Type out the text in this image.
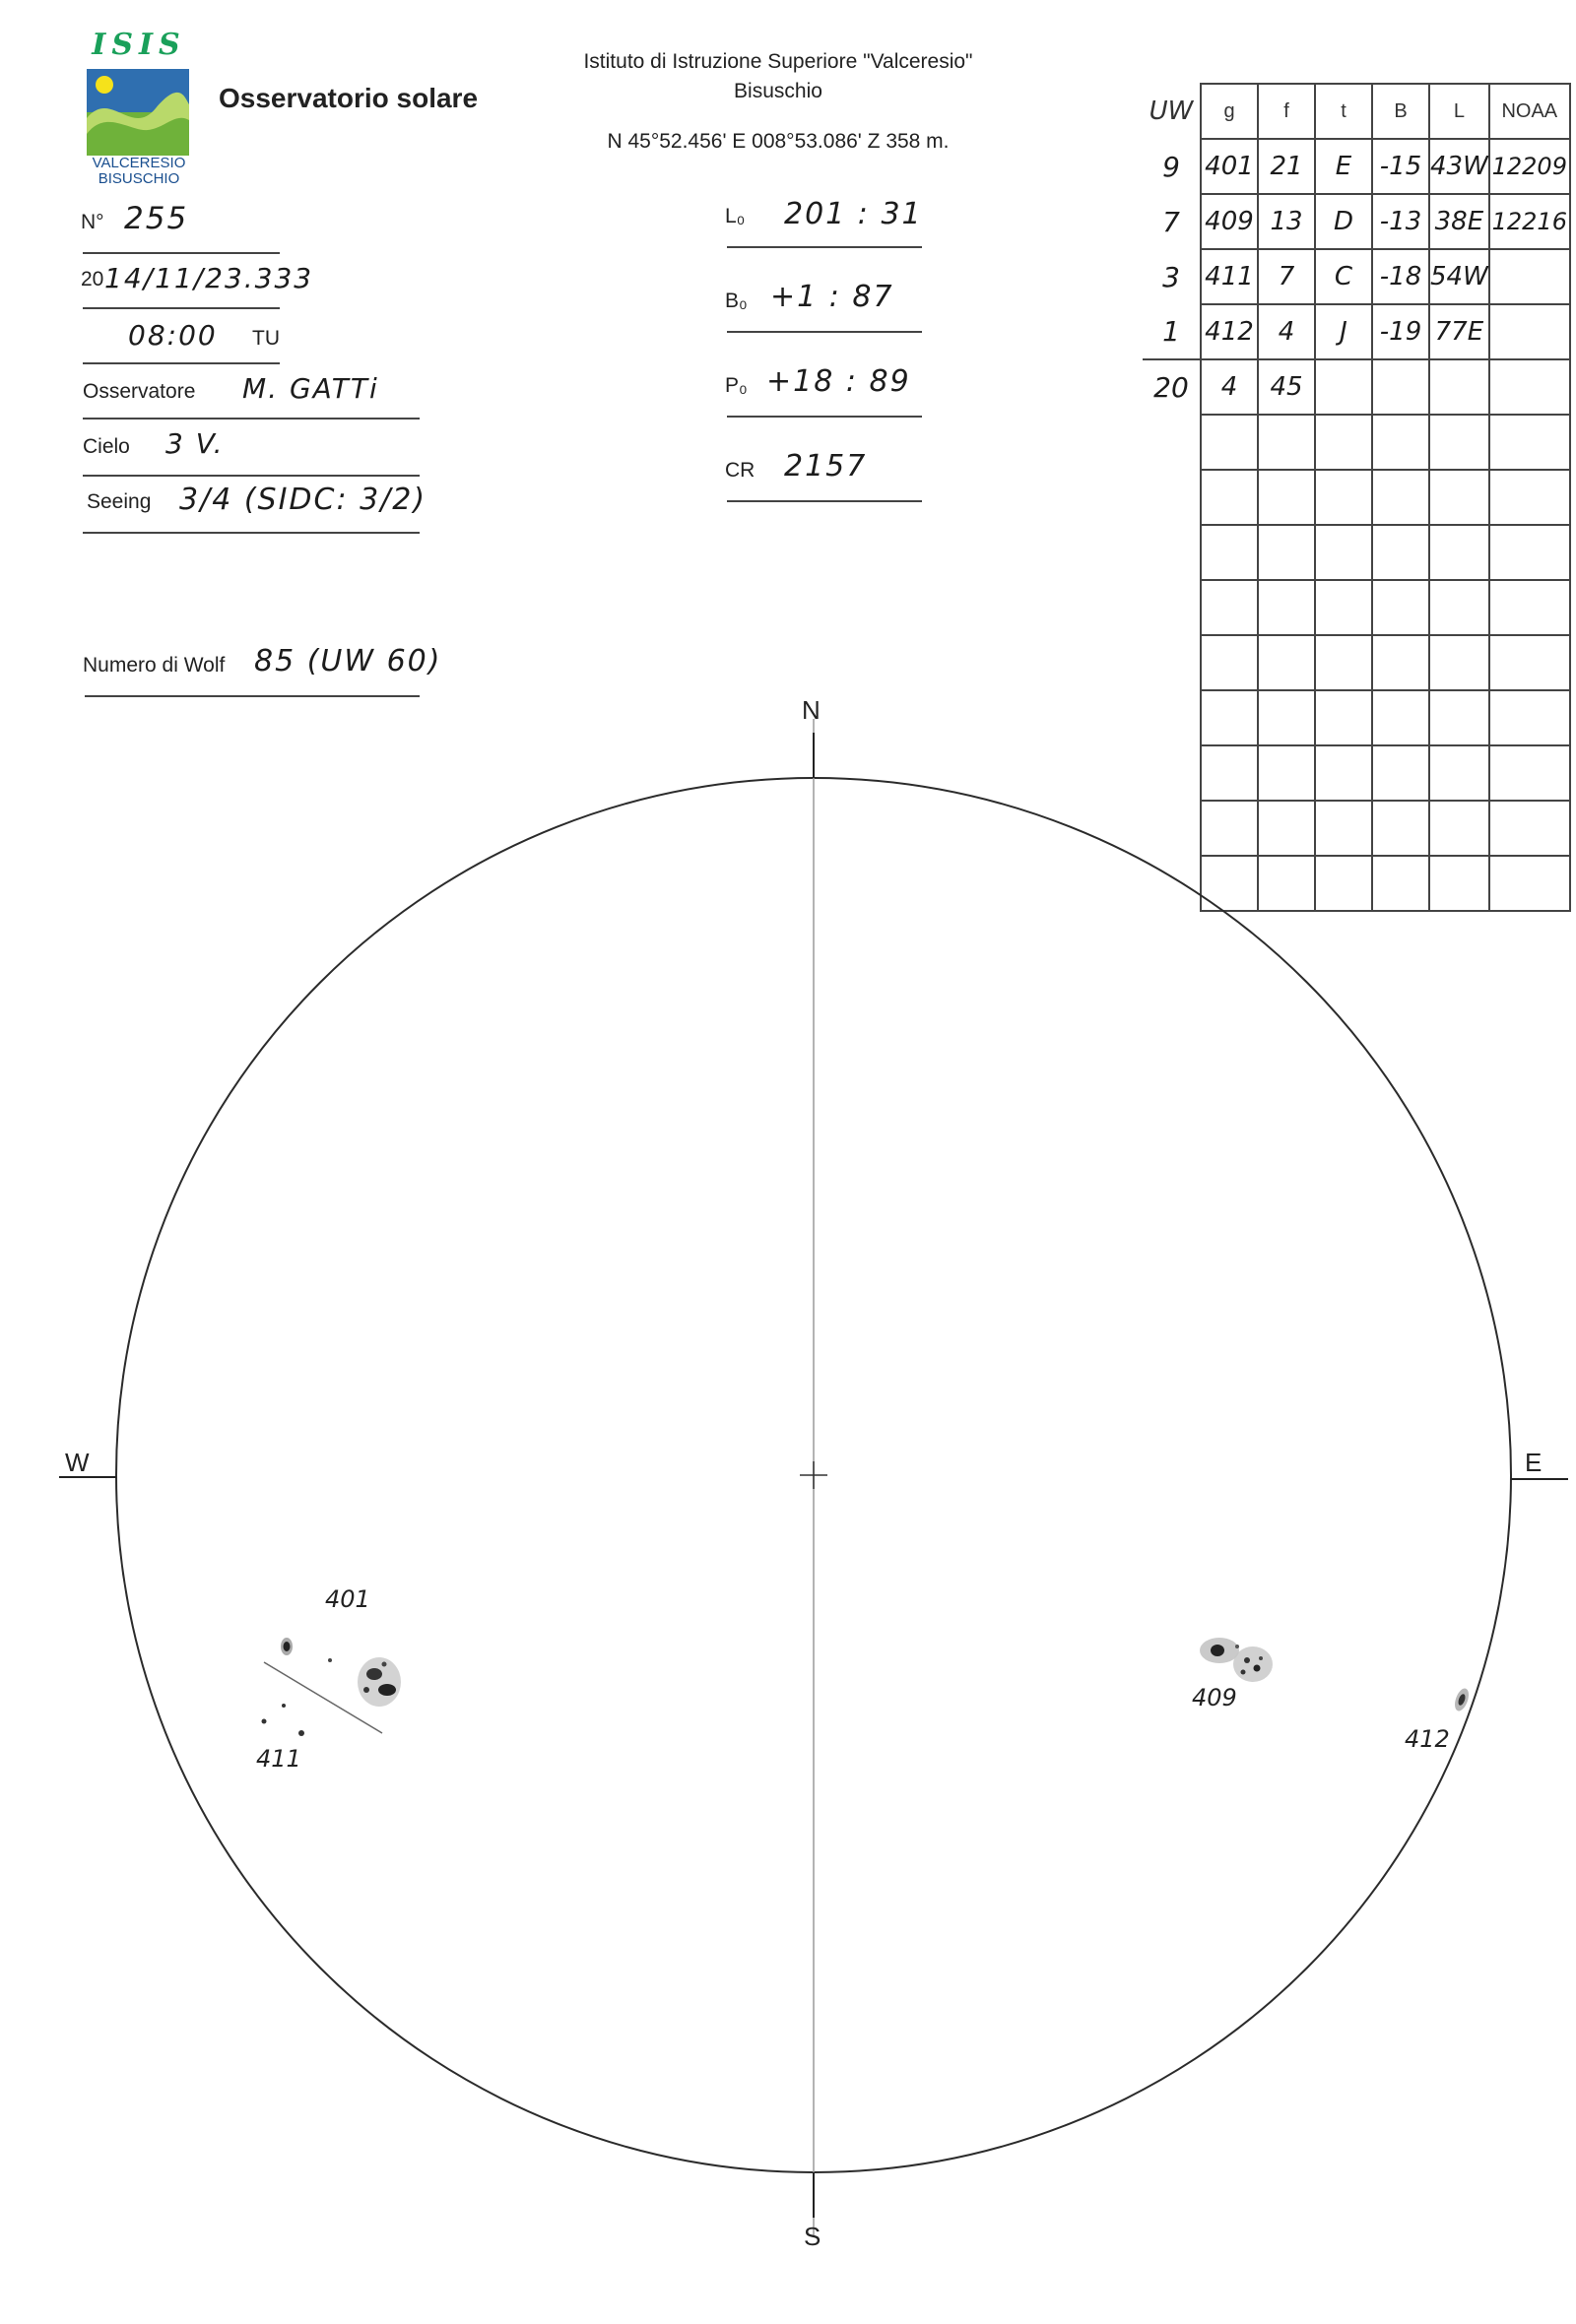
ISIS
VALCERESIO BISUSCHIO
Osservatorio solare
Istituto di Istruzione Superiore "Valceresio"
Bisuschio
N 45°52.456' E 008°53.086' Z 358 m.
N° 255
20 14/11/23.333
08:00 TU
Osservatore M. GATTi
Cielo 3 V.
Seeing 3/4 (SIDC: 3/2)
Numero di Wolf 85 (UW 60)
L₀ 201 : 31
B₀ +1 : 87
P₀ +18 : 89
CR 2157
UW	g	f	t	B	L	NOAA
9	401	21	E	-15	43W	12209
7	409	13	D	-13	38E	12216
3	411	7	C	-18	54W	
1	412	4	J	-19	77E	
20	4	45				

N
S
W	E
401
411
409
412
